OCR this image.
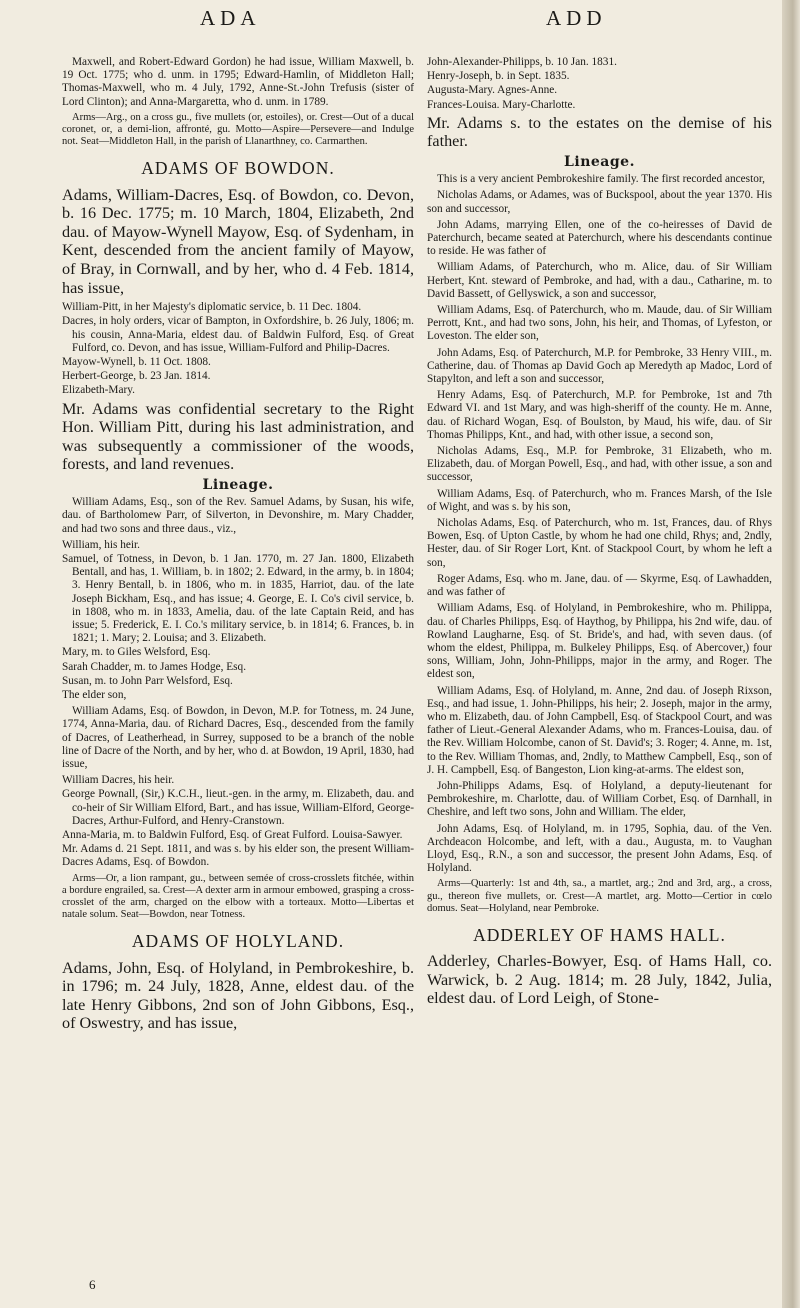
ADA	ADD

Maxwell, and Robert-Edward Gordon) he had issue, William Maxwell, b. 19 Oct. 1775; who d. unm. in 1795; Edward-Hamlin, of Middleton Hall; Thomas-Maxwell, who m. 4 July, 1792, Anne-St.-John Trefusis (sister of Lord Clinton); and Anna-Margaretta, who d. unm. in 1789.

Arms—Arg., on a cross gu., five mullets (or, estoiles), or. Crest—Out of a ducal coronet, or, a demi-lion, affronté, gu. Motto—Aspire—Persevere—and Indulge not. Seat—Middleton Hall, in the parish of Llanarthney, co. Carmarthen.

ADAMS OF BOWDON.

Adams, William-Dacres, Esq. of Bowdon, co. Devon, b. 16 Dec. 1775; m. 10 March, 1804, Elizabeth, 2nd dau. of Mayow-Wynell Mayow, Esq. of Sydenham, in Kent, descended from the ancient family of Mayow, of Bray, in Cornwall, and by her, who d. 4 Feb. 1814, has issue,

William-Pitt, in her Majesty's diplomatic service, b. 11 Dec. 1804.

Dacres, in holy orders, vicar of Bampton, in Oxfordshire, b. 26 July, 1806; m. his cousin, Anna-Maria, eldest dau. of Baldwin Fulford, Esq. of Great Fulford, co. Devon, and has issue, William-Fulford and Philip-Dacres.

Mayow-Wynell, b. 11 Oct. 1808.

Herbert-George, b. 23 Jan. 1814.

Elizabeth-Mary.

Mr. Adams was confidential secretary to the Right Hon. William Pitt, during his last administration, and was subsequently a commissioner of the woods, forests, and land revenues.

Lineage.

William Adams, Esq., son of the Rev. Samuel Adams, by Susan, his wife, dau. of Bartholomew Parr, of Silverton, in Devonshire, m. Mary Chadder, and had two sons and three daus., viz.,

William, his heir.

Samuel, of Totness, in Devon, b. 1 Jan. 1770, m. 27 Jan. 1800, Elizabeth Bentall, and has, 1. William, b. in 1802; 2. Edward, in the army, b. in 1804; 3. Henry Bentall, b. in 1806, who m. in 1835, Harriot, dau. of the late Joseph Bickham, Esq., and has issue; 4. George, E. I. Co's civil service, b. in 1808, who m. in 1833, Amelia, dau. of the late Captain Reid, and has issue; 5. Frederick, E. I. Co.'s military service, b. in 1814; 6. Frances, b. in 1821; 1. Mary; 2. Louisa; and 3. Elizabeth.

Mary, m. to Giles Welsford, Esq.

Sarah Chadder, m. to James Hodge, Esq.

Susan, m. to John Parr Welsford, Esq.

The elder son,

William Adams, Esq. of Bowdon, in Devon, M.P. for Totness, m. 24 June, 1774, Anna-Maria, dau. of Richard Dacres, Esq., descended from the family of Dacres, of Leatherhead, in Surrey, supposed to be a branch of the noble line of Dacre of the North, and by her, who d. at Bowdon, 19 April, 1830, had issue,

William Dacres, his heir.

George Pownall, (Sir,) K.C.H., lieut.-gen. in the army, m. Elizabeth, dau. and co-heir of Sir William Elford, Bart., and has issue, William-Elford, George-Dacres, Arthur-Fulford, and Henry-Cranstown.

Anna-Maria, m. to Baldwin Fulford, Esq. of Great Fulford. Louisa-Sawyer.

Mr. Adams d. 21 Sept. 1811, and was s. by his elder son, the present William-Dacres Adams, Esq. of Bowdon.

Arms—Or, a lion rampant, gu., between semée of cross-crosslets fitchée, within a bordure engrailed, sa. Crest—A dexter arm in armour embowed, grasping a cross-crosslet of the arm, charged on the elbow with a torteaux. Motto—Libertas et natale solum. Seat—Bowdon, near Totness.

ADAMS OF HOLYLAND.

Adams, John, Esq. of Holyland, in Pembrokeshire, b. in 1796; m. 24 July, 1828, Anne, eldest dau. of the late Henry Gibbons, 2nd son of John Gibbons, Esq., of Oswestry, and has issue,

John-Alexander-Philipps, b. 10 Jan. 1831.

Henry-Joseph, b. in Sept. 1835.

Augusta-Mary. Agnes-Anne.

Frances-Louisa. Mary-Charlotte.

Mr. Adams s. to the estates on the demise of his father.

Lineage.

This is a very ancient Pembrokeshire family. The first recorded ancestor,

Nicholas Adams, or Adames, was of Buckspool, about the year 1370. His son and successor,

John Adams, marrying Ellen, one of the co-heiresses of David de Paterchurch, became seated at Paterchurch, where his descendants continue to reside. He was father of

William Adams, of Paterchurch, who m. Alice, dau. of Sir William Herbert, Knt. steward of Pembroke, and had, with a dau., Catharine, m. to David Bassett, of Gellyswick, a son and successor,

William Adams, Esq. of Paterchurch, who m. Maude, dau. of Sir William Perrott, Knt., and had two sons, John, his heir, and Thomas, of Lyfeston, or Loveston. The elder son,

John Adams, Esq. of Paterchurch, M.P. for Pembroke, 33 Henry VIII., m. Catherine, dau. of Thomas ap David Goch ap Meredyth ap Madoc, Lord of Stapylton, and left a son and successor,

Henry Adams, Esq. of Paterchurch, M.P. for Pembroke, 1st and 7th Edward VI. and 1st Mary, and was high-sheriff of the county. He m. Anne, dau. of Richard Wogan, Esq. of Boulston, by Maud, his wife, dau. of Sir Thomas Philipps, Knt., and had, with other issue, a second son,

Nicholas Adams, Esq., M.P. for Pembroke, 31 Elizabeth, who m. Elizabeth, dau. of Morgan Powell, Esq., and had, with other issue, a son and successor,

William Adams, Esq. of Paterchurch, who m. Frances Marsh, of the Isle of Wight, and was s. by his son,

Nicholas Adams, Esq. of Paterchurch, who m. 1st, Frances, dau. of Rhys Bowen, Esq. of Upton Castle, by whom he had one child, Rhys; and, 2ndly, Hester, dau. of Sir Roger Lort, Knt. of Stackpool Court, by whom he left a son,

Roger Adams, Esq. who m. Jane, dau. of — Skyrme, Esq. of Lawhadden, and was father of

William Adams, Esq. of Holyland, in Pembrokeshire, who m. Philippa, dau. of Charles Philipps, Esq. of Haythog, by Philippa, his 2nd wife, dau. of Rowland Laugharne, Esq. of St. Bride's, and had, with seven daus. (of whom the eldest, Philippa, m. Bulkeley Philipps, Esq. of Abercover,) four sons, William, John, John-Philipps, major in the army, and Roger. The eldest son,

William Adams, Esq. of Holyland, m. Anne, 2nd dau. of Joseph Rixson, Esq., and had issue, 1. John-Philipps, his heir; 2. Joseph, major in the army, who m. Elizabeth, dau. of John Campbell, Esq. of Stackpool Court, and was father of Lieut.-General Alexander Adams, who m. Frances-Louisa, dau. of the Rev. William Holcombe, canon of St. David's; 3. Roger; 4. Anne, m. 1st, to the Rev. William Thomas, and, 2ndly, to Matthew Campbell, Esq., son of J. H. Campbell, Esq. of Bangeston, Lion king-at-arms. The eldest son,

John-Philipps Adams, Esq. of Holyland, a deputy-lieutenant for Pembrokeshire, m. Charlotte, dau. of William Corbet, Esq. of Darnhall, in Cheshire, and left two sons, John and William. The elder,

John Adams, Esq. of Holyland, m. in 1795, Sophia, dau. of the Ven. Archdeacon Holcombe, and left, with a dau., Augusta, m. to Vaughan Lloyd, Esq., R.N., a son and successor, the present John Adams, Esq. of Holyland.

Arms—Quarterly: 1st and 4th, sa., a martlet, arg.; 2nd and 3rd, arg., a cross, gu., thereon five mullets, or. Crest—A martlet, arg. Motto—Certior in cœlo domus. Seat—Holyland, near Pembroke.

ADDERLEY OF HAMS HALL.

Adderley, Charles-Bowyer, Esq. of Hams Hall, co. Warwick, b. 2 Aug. 1814; m. 28 July, 1842, Julia, eldest dau. of Lord Leigh, of Stone-

6
